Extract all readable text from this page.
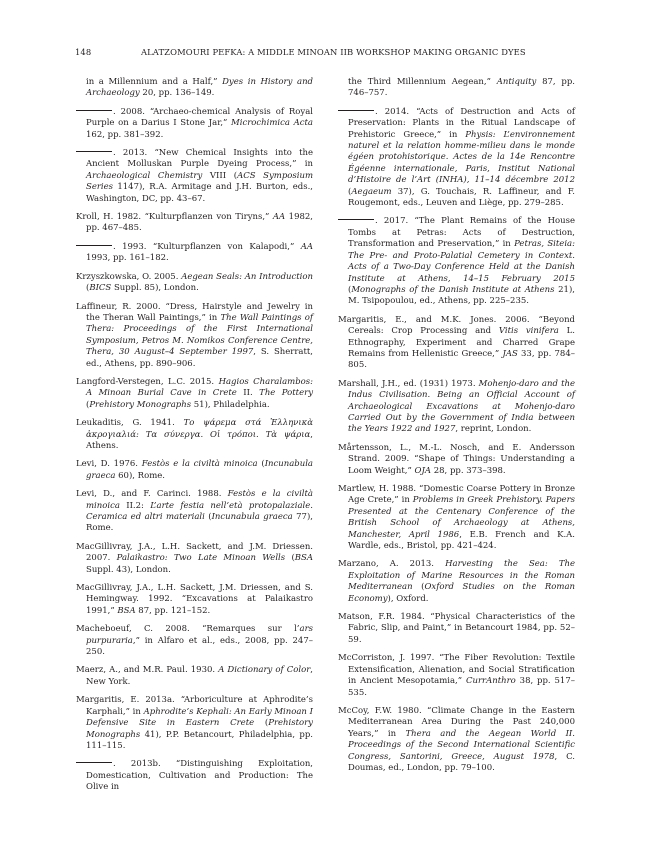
148	ALATZOMOURI PEFKA: A MIDDLE MINOAN IIB WORKSHOP MAKING ORGANIC DYES

in a Millennium and a Half,” Dyes in History and Archaeology 20, pp. 136–149.

. 2008. “Archaeo-chemical Analysis of Royal Purple on a Darius I Stone Jar,” Microchimica Acta 162, pp. 381–392.

. 2013. “New Chemical Insights into the Ancient Molluskan Purple Dyeing Process,” in Archaeological Chemistry VIII (ACS Symposium Series 1147), R.A. Armitage and J.H. Burton, eds., Washington, DC, pp. 43–67.

Kroll, H. 1982. “Kulturpflanzen von Tiryns,” AA 1982, pp. 467–485.

. 1993. “Kulturpflanzen von Kalapodi,” AA 1993, pp. 161–182.

Krzyszkowska, O. 2005. Aegean Seals: An Introduction (BICS Suppl. 85), London.

Laffineur, R. 2000. “Dress, Hairstyle and Jewelry in the Theran Wall Paintings,” in The Wall Paintings of Thera: Proceedings of the First International Symposium, Petros M. Nomikos Conference Centre, Thera, 30 August–4 September 1997, S. Sherratt, ed., Athens, pp. 890–906.

Langford-Verstegen, L.C. 2015. Hagios Charalambos: A Minoan Burial Cave in Crete II. The Pottery (Prehistory Monographs 51), Philadelphia.

Leukaditis, G. 1941. Το ψάρεμα στά Ἐλληνικὰ ἀκρογιαλιά: Τα σύνεργα. Οἱ τρόποι. Τὰ ψάρια, Athens.

Levi, D. 1976. Festòs e la civiltà minoica (Incunabula graeca 60), Rome.

Levi, D., and F. Carinci. 1988. Festòs e la civiltà minoica II.2: L’arte festia nell’età protopalaziale. Ceramica ed altri materiali (Incunabula graeca 77), Rome.

MacGillivray, J.A., L.H. Sackett, and J.M. Driessen. 2007. Palaikastro: Two Late Minoan Wells (BSA Suppl. 43), London.

MacGillivray, J.A., L.H. Sackett, J.M. Driessen, and S. Hemingway. 1992. “Excavations at Palaikastro 1991,” BSA 87, pp. 121–152.

Macheboeuf, C. 2008. “Remarques sur l’ars purpuraria,” in Alfaro et al., eds., 2008, pp. 247–250.

Maerz, A., and M.R. Paul. 1930. A Dictionary of Color, New York.

Margaritis, E. 2013a. “Arboriculture at Aphrodite’s Karphali,” in Aphrodite’s Kephali: An Early Minoan I Defensive Site in Eastern Crete (Prehistory Monographs 41), P.P. Betancourt, Philadelphia, pp. 111–115.

. 2013b. “Distinguishing Exploitation, Domestication, Cultivation and Production: The Olive in

the Third Millennium Aegean,” Antiquity 87, pp. 746–757.

. 2014. “Acts of Destruction and Acts of Preservation: Plants in the Ritual Landscape of Prehistoric Greece,” in Physis: L’environnement naturel et la relation homme-milieu dans le monde égéen protohistorique. Actes de la 14e Rencontre Égéenne internationale, Paris, Institut National d’Histoire de l’Art (INHA), 11–14 décembre 2012 (Aegaeum 37), G. Touchais, R. Laffineur, and F. Rougemont, eds., Leuven and Liège, pp. 279–285.

. 2017. “The Plant Remains of the House Tombs at Petras: Acts of Destruction, Transformation and Preservation,” in Petras, Siteia: The Pre- and Proto-Palatial Cemetery in Context. Acts of a Two-Day Conference Held at the Danish Institute at Athens, 14–15 February 2015 (Monographs of the Danish Institute at Athens 21), M. Tsipopoulou, ed., Athens, pp. 225–235.

Margaritis, E., and M.K. Jones. 2006. “Beyond Cereals: Crop Processing and Vitis vinifera L. Ethnography, Experiment and Charred Grape Remains from Hellenistic Greece,” JAS 33, pp. 784–805.

Marshall, J.H., ed. (1931) 1973. Mohenjo-daro and the Indus Civilisation. Being an Official Account of Archaeological Excavations at Mohenjo-daro Carried Out by the Government of India between the Years 1922 and 1927, reprint, London.

Mårtensson, L., M.-L. Nosch, and E. Andersson Strand. 2009. “Shape of Things: Understanding a Loom Weight,” OJA 28, pp. 373–398.

Martlew, H. 1988. “Domestic Coarse Pottery in Bronze Age Crete,” in Problems in Greek Prehistory. Papers Presented at the Centenary Conference of the British School of Archaeology at Athens, Manchester, April 1986, E.B. French and K.A. Wardle, eds., Bristol, pp. 421–424.

Marzano, A. 2013. Harvesting the Sea: The Exploitation of Marine Resources in the Roman Mediterranean (Oxford Studies on the Roman Economy), Oxford.

Matson, F.R. 1984. “Physical Characteristics of the Fabric, Slip, and Paint,” in Betancourt 1984, pp. 52–59.

McCorriston, J. 1997. “The Fiber Revolution: Textile Extensification, Alienation, and Social Stratification in Ancient Mesopotamia,” CurrAnthro 38, pp. 517–535.

McCoy, F.W. 1980. “Climate Change in the Eastern Mediterranean Area During the Past 240,000 Years,” in Thera and the Aegean World II. Proceedings of the Second International Scientific Congress, Santorini, Greece, August 1978, C. Doumas, ed., London, pp. 79–100.
